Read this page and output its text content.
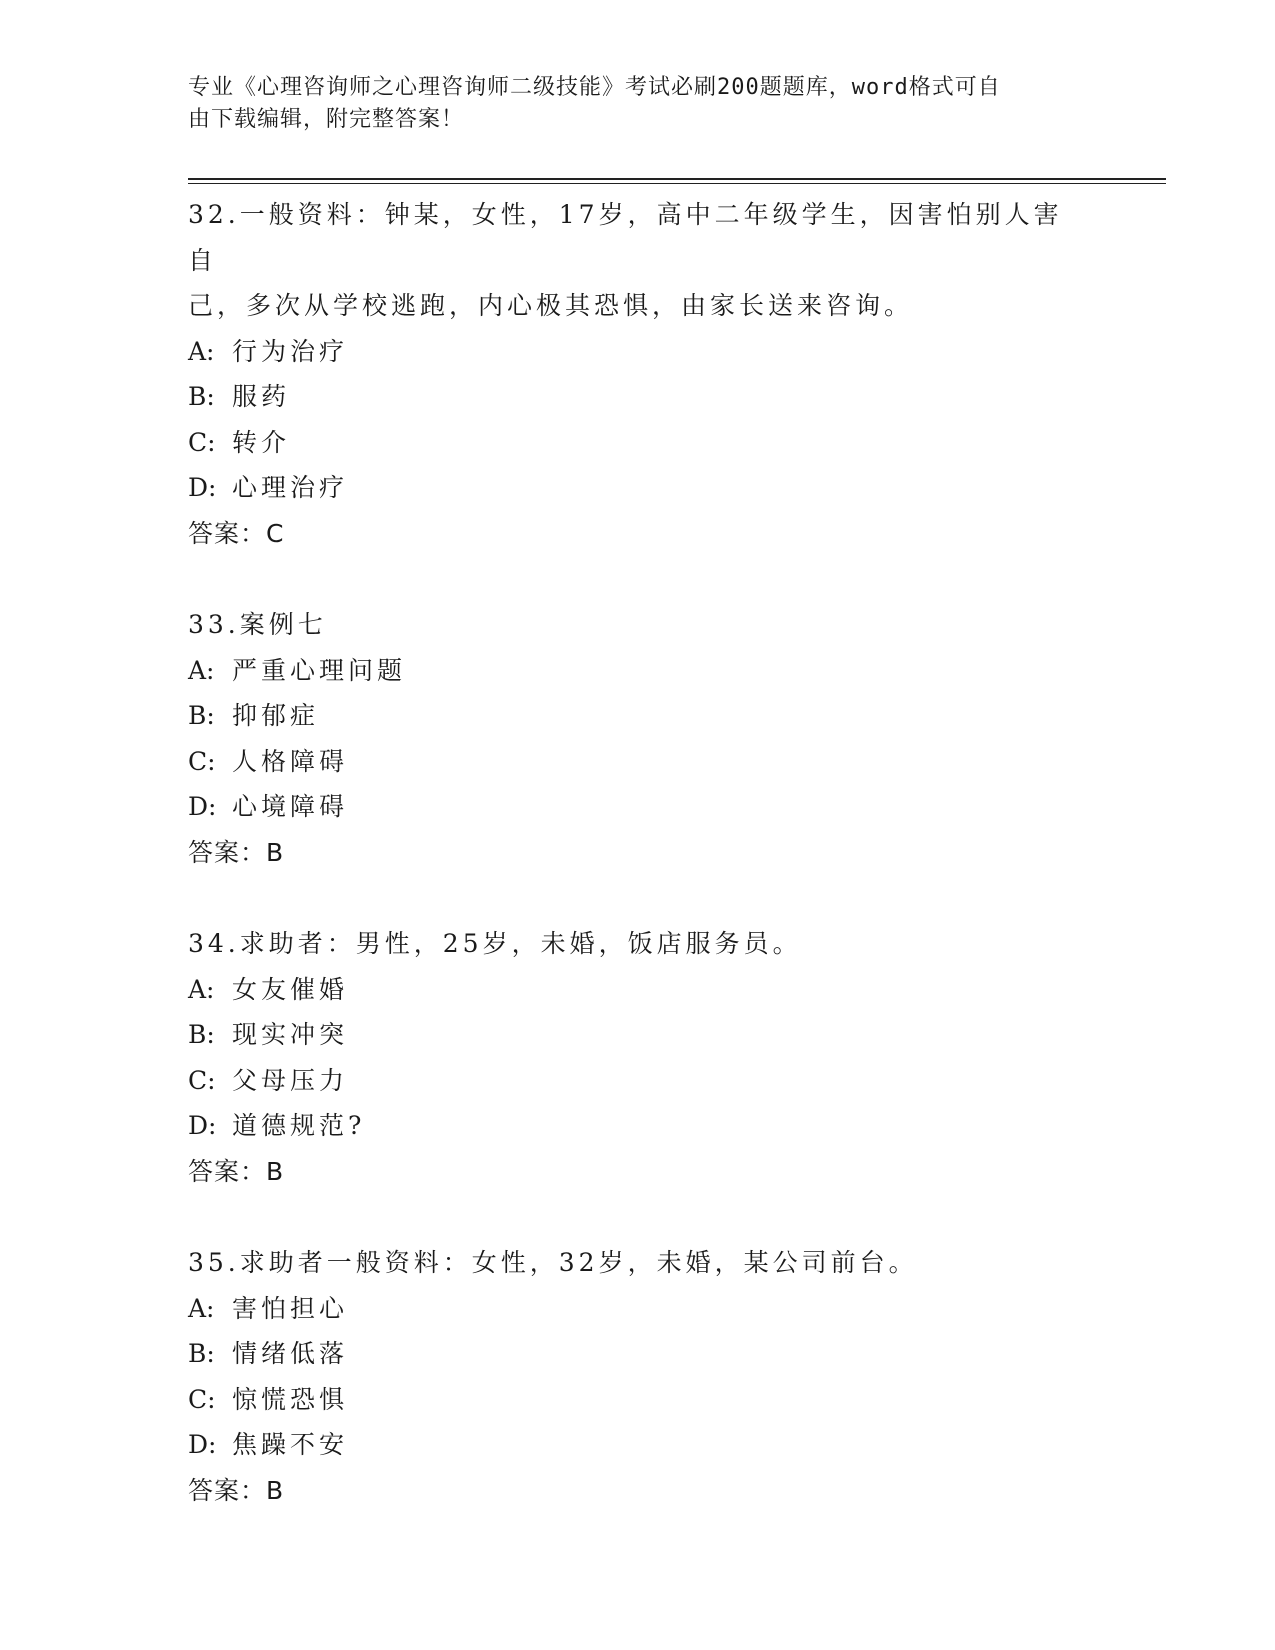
专业《心理咨询师之心理咨询师二级技能》考试必刷200题题库，word格式可自
由下载编辑，附完整答案！

32.一般资料：钟某，女性，17岁，高中二年级学生，因害怕别人害自
己，多次从学校逃跑，内心极其恐惧，由家长送来咨询。

A: 行为治疗

B: 服药

C: 转介

D: 心理治疗

答案：C

33.案例七

A: 严重心理问题

B: 抑郁症

C: 人格障碍

D: 心境障碍

答案：B

34.求助者：男性，25岁，未婚，饭店服务员。

A: 女友催婚

B: 现实冲突

C: 父母压力

D: 道德规范?

答案：B

35.求助者一般资料：女性，32岁，未婚，某公司前台。

A: 害怕担心

B: 情绪低落

C: 惊慌恐惧

D: 焦躁不安

答案：B
